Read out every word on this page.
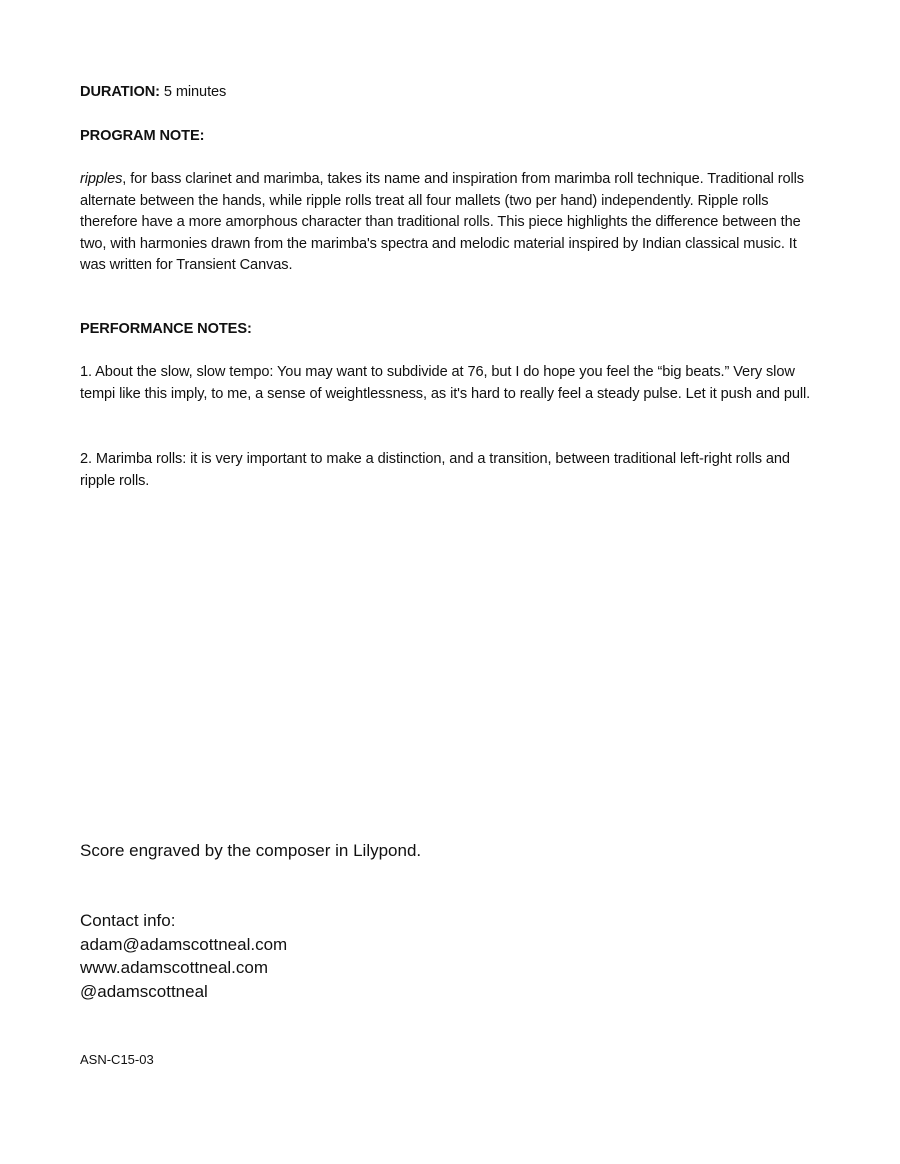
DURATION: 5 minutes

PROGRAM NOTE:

ripples, for bass clarinet and marimba, takes its name and inspiration from marimba roll technique. Traditional rolls alternate between the hands, while ripple rolls treat all four mallets (two per hand) independently. Ripple rolls therefore have a more amorphous character than traditional rolls. This piece highlights the difference between the two, with harmonies drawn from the marimba's spectra and melodic material inspired by Indian classical music. It was written for Transient Canvas.

PERFORMANCE NOTES:

1. About the slow, slow tempo: You may want to subdivide at 76, but I do hope you feel the “big beats.” Very slow tempi like this imply, to me, a sense of weightlessness, as it's hard to really feel a steady pulse. Let it push and pull.

2. Marimba rolls: it is very important to make a distinction, and a transition, between traditional left-right rolls and ripple rolls.

Score engraved by the composer in Lilypond.

Contact info:
adam@adamscottneal.com
www.adamscottneal.com
@adamscottneal
ASN-C15-03
